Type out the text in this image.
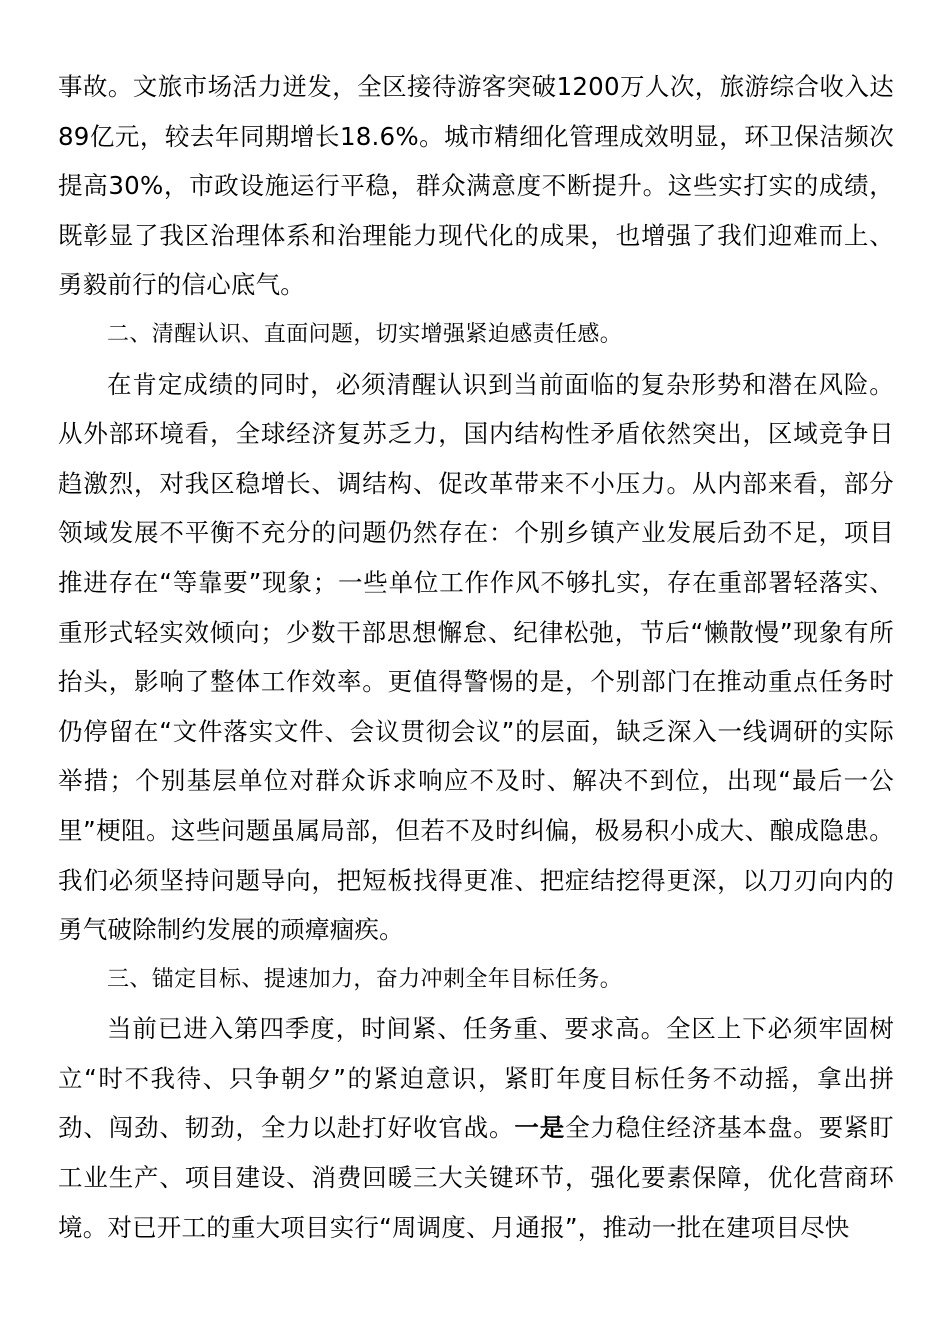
事故。文旅市场活力迸发，全区接待游客突破1200万人次，旅游综合收入达89亿元，较去年同期增长18.6%。城市精细化管理成效明显，环卫保洁频次提高30%，市政设施运行平稳，群众满意度不断提升。这些实打实的成绩，既彰显了我区治理体系和治理能力现代化的成果，也增强了我们迎难而上、勇毅前行的信心底气。

二、清醒认识、直面问题，切实增强紧迫感责任感。

在肯定成绩的同时，必须清醒认识到当前面临的复杂形势和潜在风险。从外部环境看，全球经济复苏乏力，国内结构性矛盾依然突出，区域竞争日趋激烈，对我区稳增长、调结构、促改革带来不小压力。从内部来看，部分领域发展不平衡不充分的问题仍然存在：个别乡镇产业发展后劲不足，项目推进存在“等靠要”现象；一些单位工作作风不够扎实，存在重部署轻落实、重形式轻实效倾向；少数干部思想懈怠、纪律松弛，节后“懒散慢”现象有所抬头，影响了整体工作效率。更值得警惕的是，个别部门在推动重点任务时仍停留在“文件落实文件、会议贯彻会议”的层面，缺乏深入一线调研的实际举措；个别基层单位对群众诉求响应不及时、解决不到位，出现“最后一公里”梗阻。这些问题虽属局部，但若不及时纠偏，极易积小成大、酿成隐患。我们必须坚持问题导向，把短板找得更准、把症结挖得更深，以刀刃向内的勇气破除制约发展的顽瘴痼疾。

三、锚定目标、提速加力，奋力冲刺全年目标任务。

当前已进入第四季度，时间紧、任务重、要求高。全区上下必须牢固树立“时不我待、只争朝夕”的紧迫意识，紧盯年度目标任务不动摇，拿出拼劲、闯劲、韧劲，全力以赴打好收官战。一是全力稳住经济基本盘。要紧盯工业生产、项目建设、消费回暖三大关键环节，强化要素保障，优化营商环境。对已开工的重大项目实行“周调度、月通报”，推动一批在建项目尽快
